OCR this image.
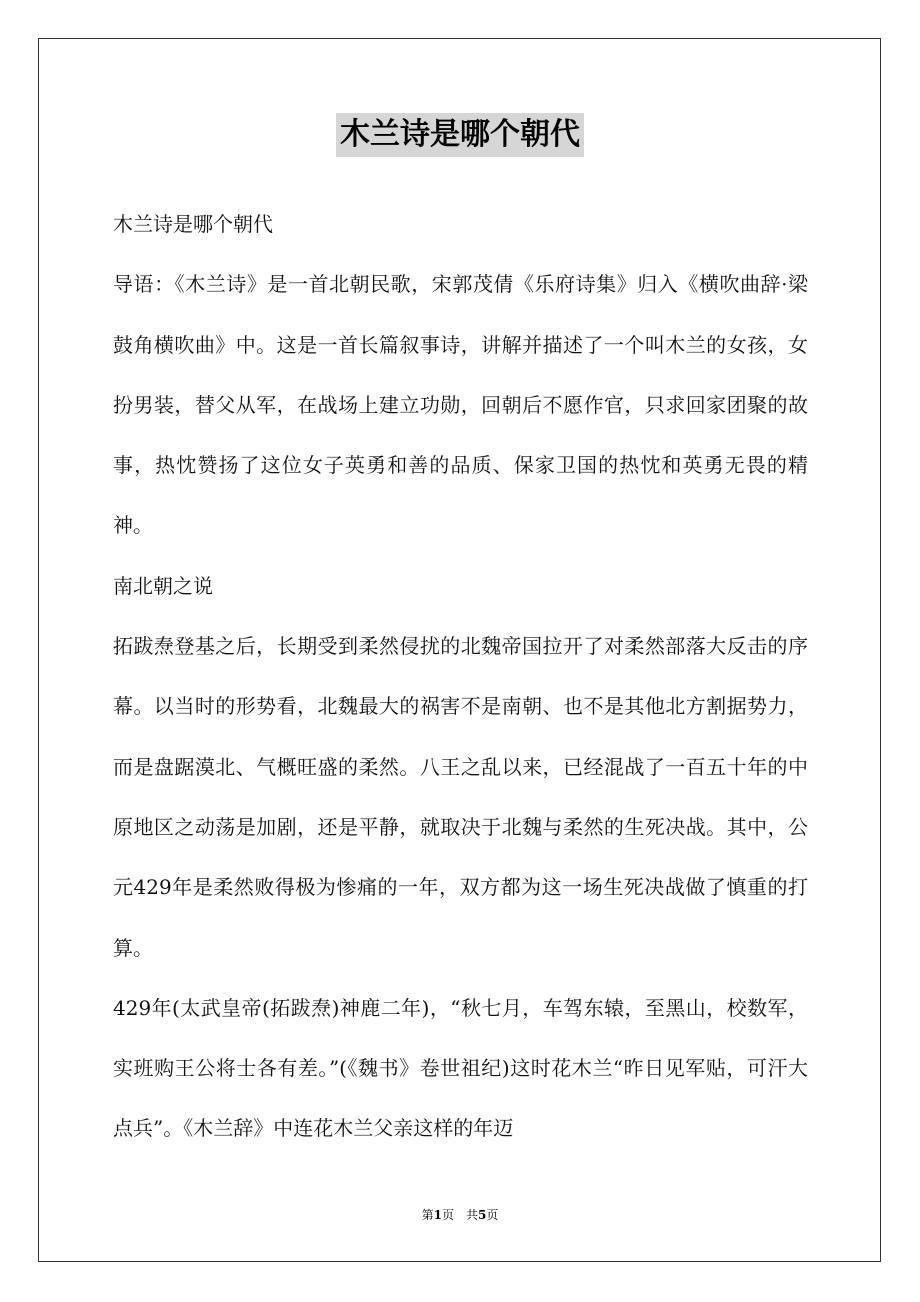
木兰诗是哪个朝代

木兰诗是哪个朝代

导语：《木兰诗》是一首北朝民歌，宋郭茂倩《乐府诗集》归入《横吹曲辞·梁鼓角横吹曲》中。这是一首长篇叙事诗，讲解并描述了一个叫木兰的女孩，女扮男装，替父从军，在战场上建立功勋，回朝后不愿作官，只求回家团聚的故事，热忱赞扬了这位女子英勇和善的品质、保家卫国的热忱和英勇无畏的精神。

南北朝之说

拓跋焘登基之后，长期受到柔然侵扰的北魏帝国拉开了对柔然部落大反击的序幕。以当时的形势看，北魏最大的祸害不是南朝、也不是其他北方割据势力，而是盘踞漠北、气概旺盛的柔然。八王之乱以来，已经混战了一百五十年的中原地区之动荡是加剧，还是平静，就取决于北魏与柔然的生死决战。其中，公元429年是柔然败得极为惨痛的一年，双方都为这一场生死决战做了慎重的打算。

429年(太武皇帝(拓跋焘)神鹿二年)，“秋七月，车驾东辕，至黑山，校数军，实班购王公将士各有差。”(《魏书》卷世祖纪)这时花木兰“昨日见军贴，可汗大点兵”。《木兰辞》中连花木兰父亲这样的年迈

第1页　共5页
